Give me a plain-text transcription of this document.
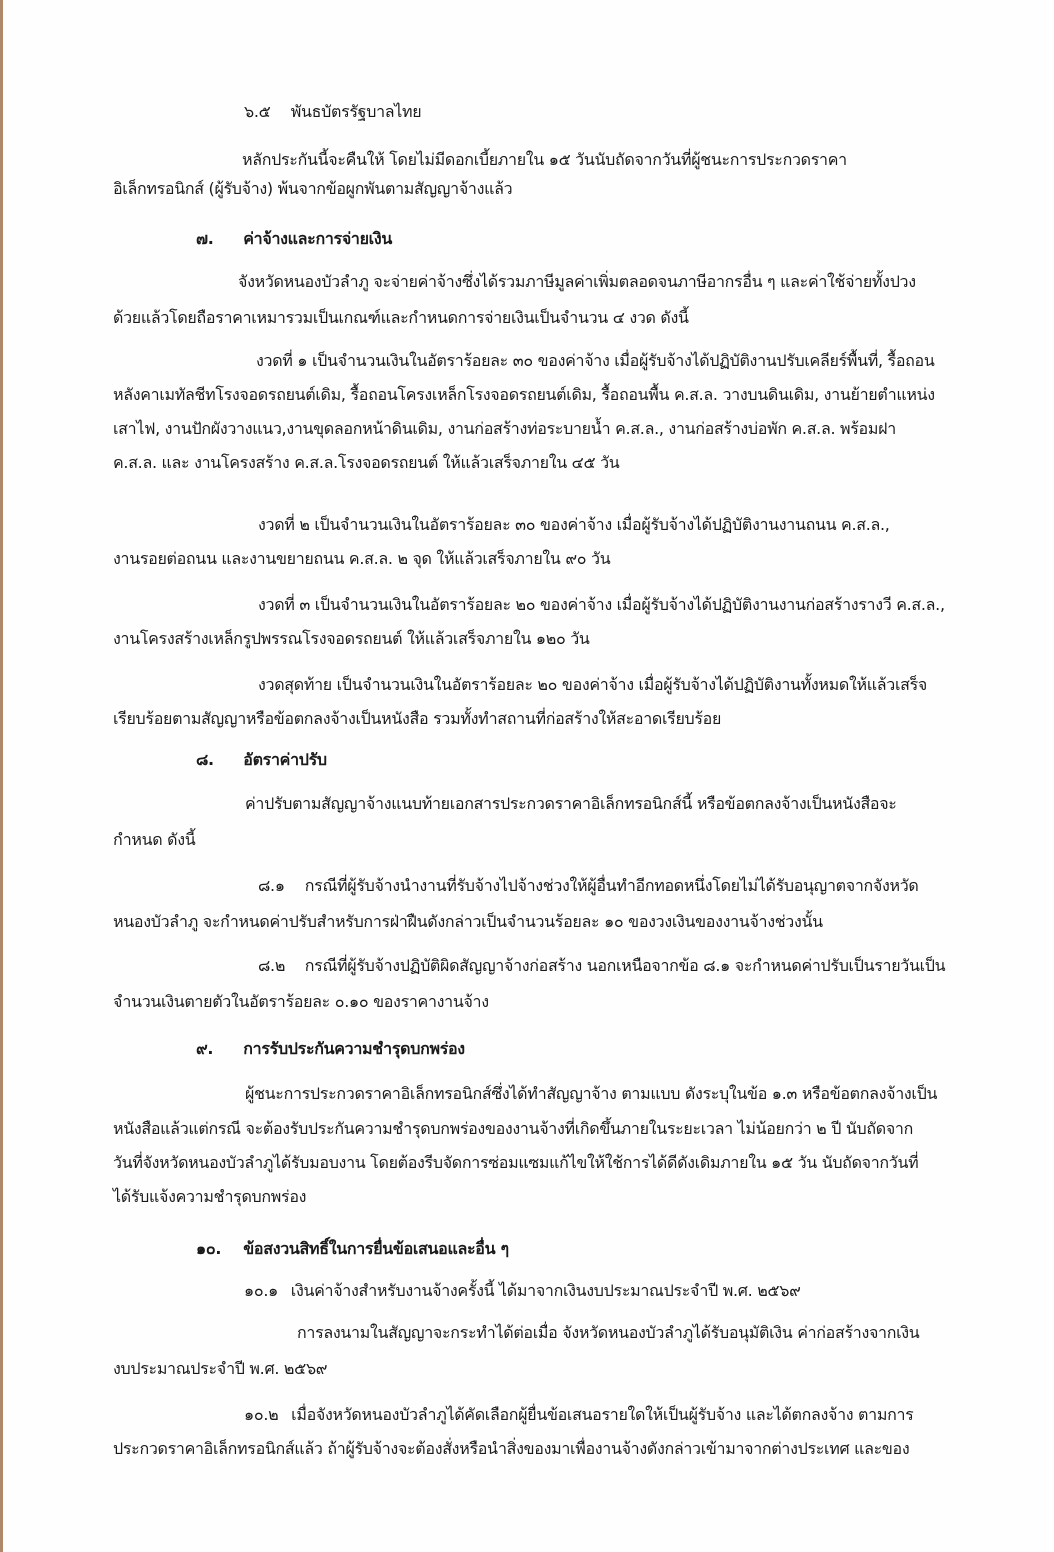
๖.๕ พันธบัตรรัฐบาลไทย
หลักประกันนี้จะคืนให้ โดยไม่มีดอกเบี้ยภายใน ๑๕ วันนับถัดจากวันที่ผู้ชนะการประกวดราคา
อิเล็กทรอนิกส์ (ผู้รับจ้าง) พ้นจากข้อผูกพันตามสัญญาจ้างแล้ว
๗. ค่าจ้างและการจ่ายเงิน
จังหวัดหนองบัวลำภู จะจ่ายค่าจ้างซึ่งได้รวมภาษีมูลค่าเพิ่มตลอดจนภาษีอากรอื่น ๆ และค่าใช้จ่ายทั้งปวง
ด้วยแล้วโดยถือราคาเหมารวมเป็นเกณฑ์และกำหนดการจ่ายเงินเป็นจำนวน ๔ งวด ดังนี้
งวดที่ ๑ เป็นจำนวนเงินในอัตราร้อยละ ๓๐ ของค่าจ้าง เมื่อผู้รับจ้างได้ปฏิบัติงานปรับเคลียร์พื้นที่, รื้อถอน
หลังคาเมทัลชีทโรงจอดรถยนต์เดิม, รื้อถอนโครงเหล็กโรงจอดรถยนต์เดิม, รื้อถอนพื้น ค.ส.ล. วางบนดินเดิม, งานย้ายตำแหน่ง
เสาไฟ, งานปักผังวางแนว,งานขุดลอกหน้าดินเดิม, งานก่อสร้างท่อระบายน้ำ ค.ส.ล., งานก่อสร้างบ่อพัก ค.ส.ล. พร้อมฝา
ค.ส.ล. และ งานโครงสร้าง ค.ส.ล.โรงจอดรถยนต์ ให้แล้วเสร็จภายใน ๔๕ วัน
งวดที่ ๒ เป็นจำนวนเงินในอัตราร้อยละ ๓๐ ของค่าจ้าง เมื่อผู้รับจ้างได้ปฏิบัติงานงานถนน ค.ส.ล.,
งานรอยต่อถนน และงานขยายถนน ค.ส.ล. ๒ จุด ให้แล้วเสร็จภายใน ๙๐ วัน
งวดที่ ๓ เป็นจำนวนเงินในอัตราร้อยละ ๒๐ ของค่าจ้าง เมื่อผู้รับจ้างได้ปฏิบัติงานงานก่อสร้างรางวี ค.ส.ล.,
งานโครงสร้างเหล็กรูปพรรณโรงจอดรถยนต์ ให้แล้วเสร็จภายใน ๑๒๐ วัน
งวดสุดท้าย เป็นจำนวนเงินในอัตราร้อยละ ๒๐ ของค่าจ้าง เมื่อผู้รับจ้างได้ปฏิบัติงานทั้งหมดให้แล้วเสร็จ
เรียบร้อยตามสัญญาหรือข้อตกลงจ้างเป็นหนังสือ รวมทั้งทำสถานที่ก่อสร้างให้สะอาดเรียบร้อย
๘. อัตราค่าปรับ
ค่าปรับตามสัญญาจ้างแนบท้ายเอกสารประกวดราคาอิเล็กทรอนิกส์นี้ หรือข้อตกลงจ้างเป็นหนังสือจะ
กำหนด ดังนี้
๘.๑ กรณีที่ผู้รับจ้างนำงานที่รับจ้างไปจ้างช่วงให้ผู้อื่นทำอีกทอดหนึ่งโดยไม่ได้รับอนุญาตจากจังหวัด
หนองบัวลำภู จะกำหนดค่าปรับสำหรับการฝ่าฝืนดังกล่าวเป็นจำนวนร้อยละ ๑๐ ของวงเงินของงานจ้างช่วงนั้น
๘.๒ กรณีที่ผู้รับจ้างปฏิบัติผิดสัญญาจ้างก่อสร้าง นอกเหนือจากข้อ ๘.๑ จะกำหนดค่าปรับเป็นรายวันเป็น
จำนวนเงินตายตัวในอัตราร้อยละ ๐.๑๐ ของราคางานจ้าง
๙. การรับประกันความชำรุดบกพร่อง
ผู้ชนะการประกวดราคาอิเล็กทรอนิกส์ซึ่งได้ทำสัญญาจ้าง ตามแบบ ดังระบุในข้อ ๑.๓ หรือข้อตกลงจ้างเป็น
หนังสือแล้วแต่กรณี จะต้องรับประกันความชำรุดบกพร่องของงานจ้างที่เกิดขึ้นภายในระยะเวลา ไม่น้อยกว่า ๒ ปี นับถัดจาก
วันที่จังหวัดหนองบัวลำภูได้รับมอบงาน โดยต้องรีบจัดการซ่อมแซมแก้ไขให้ใช้การได้ดีดังเดิมภายใน ๑๕ วัน นับถัดจากวันที่
ได้รับแจ้งความชำรุดบกพร่อง
๑๐. ข้อสงวนสิทธิ์ในการยื่นข้อเสนอและอื่น ๆ
๑๐.๑ เงินค่าจ้างสำหรับงานจ้างครั้งนี้ ได้มาจากเงินงบประมาณประจำปี พ.ศ. ๒๕๖๙
การลงนามในสัญญาจะกระทำได้ต่อเมื่อ จังหวัดหนองบัวลำภูได้รับอนุมัติเงิน ค่าก่อสร้างจากเงิน
งบประมาณประจำปี พ.ศ. ๒๕๖๙
๑๐.๒ เมื่อจังหวัดหนองบัวลำภูได้คัดเลือกผู้ยื่นข้อเสนอรายใดให้เป็นผู้รับจ้าง และได้ตกลงจ้าง ตามการ
ประกวดราคาอิเล็กทรอนิกส์แล้ว ถ้าผู้รับจ้างจะต้องสั่งหรือนำสิ่งของมาเพื่องานจ้างดังกล่าวเข้ามาจากต่างประเทศ และของ
